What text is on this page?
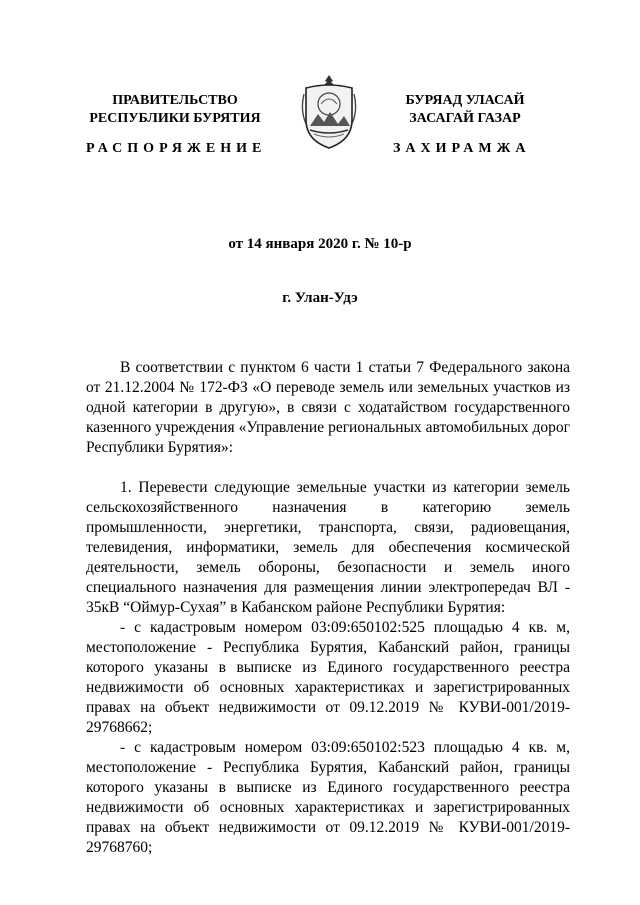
ПРАВИТЕЛЬСТВО
РЕСПУБЛИКИ БУРЯТИЯ
БУРЯАД УЛАСАЙ
ЗАСАГАЙ ГАЗАР
РАСПОРЯЖЕНИЕ	ЗАХИРАМЖА
от 14 января 2020 г. № 10-р
г. Улан-Удэ

В соответствии с пунктом 6 части 1 статьи 7 Федерального закона от 21.12.2004 № 172-ФЗ «О переводе земель или земельных участков из одной категории в другую», в связи с ходатайством государственного казенного учреждения «Управление региональных автомобильных дорог Республики Бурятия»:

1. Перевести следующие земельные участки из категории земель сельскохозяйственного назначения в категорию земель промышленности, энергетики, транспорта, связи, радиовещания, телевидения, информатики, земель для обеспечения космической деятельности, земель обороны, безопасности и земель иного специального назначения для размещения линии электропередач ВЛ - 35кВ “Оймур-Сухая” в Кабанском районе Республики Бурятия:

- с кадастровым номером 03:09:650102:525 площадью 4 кв. м, местоположение - Республика Бурятия, Кабанский район, границы которого указаны в выписке из Единого государственного реестра недвижимости об основных характеристиках и зарегистрированных правах на объект недвижимости от 09.12.2019 № КУВИ-001/2019-29768662;

- с кадастровым номером 03:09:650102:523 площадью 4 кв. м, местоположение - Республика Бурятия, Кабанский район, границы которого указаны в выписке из Единого государственного реестра недвижимости об основных характеристиках и зарегистрированных правах на объект недвижимости от 09.12.2019 № КУВИ-001/2019-29768760;
